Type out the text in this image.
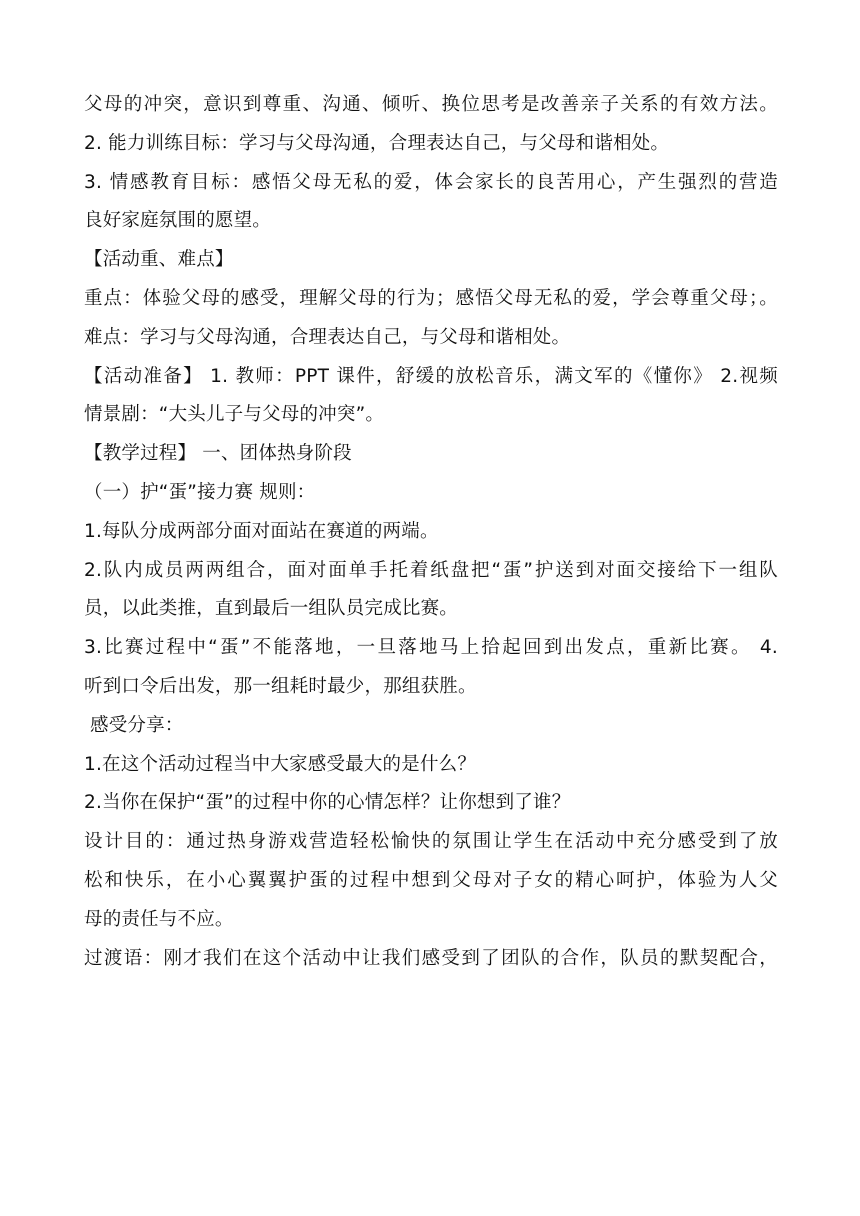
父母的冲突，意识到尊重、沟通、倾听、换位思考是改善亲子关系的有效方法。
2. 能力训练目标：学习与父母沟通，合理表达自己，与父母和谐相处。
3. 情感教育目标：感悟父母无私的爱，体会家长的良苦用心，产生强烈的营造
良好家庭氛围的愿望。
【活动重、难点】
重点：体验父母的感受，理解父母的行为；感悟父母无私的爱，学会尊重父母；。
难点：学习与父母沟通，合理表达自己，与父母和谐相处。
【活动准备】 1. 教师：PPT 课件，舒缓的放松音乐，满文军的《懂你》 2.视频
情景剧：“大头儿子与父母的冲突”。
【教学过程】 一、团体热身阶段
（一）护“蛋”接力赛 规则：
1.每队分成两部分面对面站在赛道的两端。
2.队内成员两两组合，面对面单手托着纸盘把“蛋”护送到对面交接给下一组队
员，以此类推，直到最后一组队员完成比赛。
3.比赛过程中“蛋”不能落地，一旦落地马上拾起回到出发点，重新比赛。 4.
听到口令后出发，那一组耗时最少，那组获胜。
感受分享：
1.在这个活动过程当中大家感受最大的是什么？
2.当你在保护“蛋”的过程中你的心情怎样？让你想到了谁？
设计目的：通过热身游戏营造轻松愉快的氛围让学生在活动中充分感受到了放
松和快乐，在小心翼翼护蛋的过程中想到父母对子女的精心呵护，体验为人父
母的责任与不应。
过渡语：刚才我们在这个活动中让我们感受到了团队的合作，队员的默契配合，
